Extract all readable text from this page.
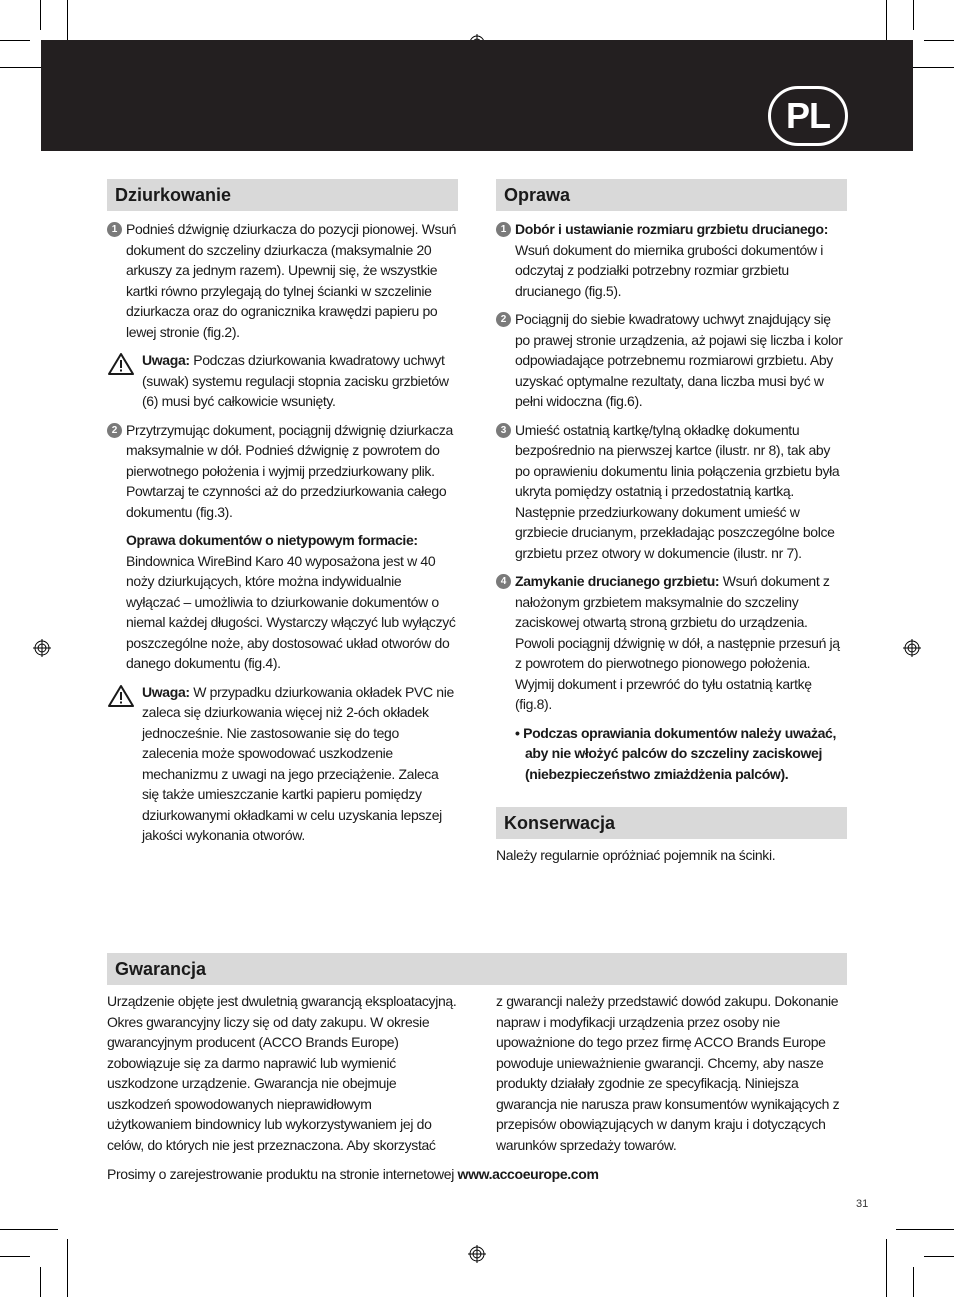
PL
Dziurkowanie

1 Podnieś dźwignię dziurkacza do pozycji pionowej. Wsuń dokument do szczeliny dziurkacza (maksymalnie 20 arkuszy za jednym razem). Upewnij się, że wszystkie kartki równo przylegają do tylnej ścianki w szczelinie dziurkacza oraz do ogranicznika krawędzi papieru po lewej stronie (fig.2).

Uwaga: Podczas dziurkowania kwadratowy uchwyt (suwak) systemu regulacji stopnia zacisku grzbietów (6) musi być całkowicie wsunięty.

2 Przytrzymując dokument, pociągnij dźwignię dziurkacza maksymalnie w dół. Podnieś dźwignię z powrotem do pierwotnego położenia i wyjmij przedziurkowany plik. Powtarzaj te czynności aż do przedziurkowania całego dokumentu (fig.3).

Oprawa dokumentów o nietypowym formacie:
Bindownica WireBind Karo 40 wyposażona jest w 40 noży dziurkujących, które można indywidualnie wyłączać – umożliwia to dziurkowanie dokumentów o niemal każdej długości. Wystarczy włączyć lub wyłączyć poszczególne noże, aby dostosować układ otworów do danego dokumentu (fig.4).

Uwaga: W przypadku dziurkowania okładek PVC nie zaleca się dziurkowania więcej niż 2-óch okładek jednocześnie. Nie zastosowanie się do tego zalecenia może spowodować uszkodzenie mechanizmu z uwagi na jego przeciążenie. Zaleca się także umieszczanie kartki papieru pomiędzy dziurkowanymi okładkami w celu uzyskania lepszej jakości wykonania otworów.

Oprawa

1 Dobór i ustawianie rozmiaru grzbietu drucianego: Wsuń dokument do miernika grubości dokumentów i odczytaj z podziałki potrzebny rozmiar grzbietu drucianego (fig.5).

2 Pociągnij do siebie kwadratowy uchwyt znajdujący się po prawej stronie urządzenia, aż pojawi się liczba i kolor odpowiadające potrzebnemu rozmiarowi grzbietu. Aby uzyskać optymalne rezultaty, dana liczba musi być w pełni widoczna (fig.6).

3 Umieść ostatnią kartkę/tylną okładkę dokumentu bezpośrednio na pierwszej kartce (ilustr. nr 8), tak aby po oprawieniu dokumentu linia połączenia grzbietu była ukryta pomiędzy ostatnią i przedostatnią kartką. Następnie przedziurkowany dokument umieść w grzbiecie drucianym, przekładając poszczególne bolce grzbietu przez otwory w dokumencie (ilustr. nr 7).

4 Zamykanie drucianego grzbietu: Wsuń dokument z nałożonym grzbietem maksymalnie do szczeliny zaciskowej otwartą stroną grzbietu do urządzenia. Powoli pociągnij dźwignię w dół, a następnie przesuń ją z powrotem do pierwotnego pionowego położenia. Wyjmij dokument i przewróć do tyłu ostatnią kartkę (fig.8).

• Podczas oprawiania dokumentów należy uważać, aby nie włożyć palców do szczeliny zaciskowej (niebezpieczeństwo zmiażdżenia palców).

Konserwacja

Należy regularnie opróżniać pojemnik na ścinki.

Gwarancja

Urządzenie objęte jest dwuletnią gwarancją eksploatacyjną. Okres gwarancyjny liczy się od daty zakupu. W okresie gwarancyjnym producent (ACCO Brands Europe) zobowiązuje się za darmo naprawić lub wymienić uszkodzone urządzenie. Gwarancja nie obejmuje uszkodzeń spowodowanych nieprawidłowym użytkowaniem bindownicy lub wykorzystywaniem jej do celów, do których nie jest przeznaczona. Aby skorzystać

z gwarancji należy przedstawić dowód zakupu. Dokonanie napraw i modyfikacji urządzenia przez osoby nie upoważnione do tego przez firmę ACCO Brands Europe powoduje unieważnienie gwarancji. Chcemy, aby nasze produkty działały zgodnie ze specyfikacją. Niniejsza gwarancja nie narusza praw konsumentów wynikających z przepisów obowiązujących w danym kraju i dotyczących warunków sprzedaży towarów.

Prosimy o zarejestrowanie produktu na stronie internetowej www.accoeurope.com

31
